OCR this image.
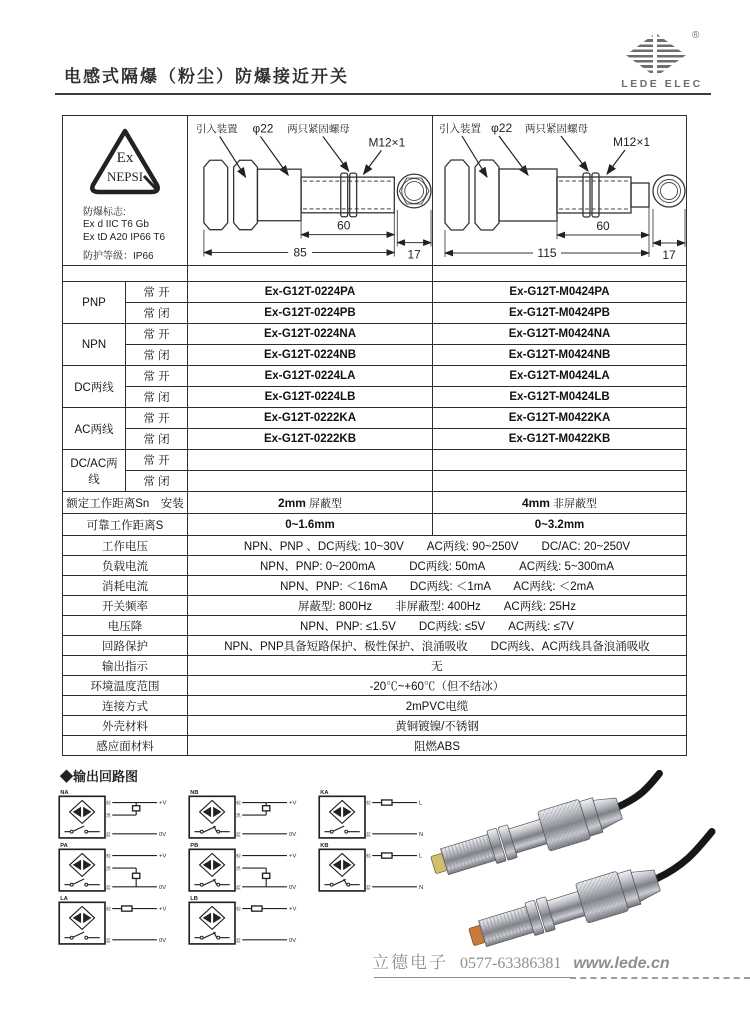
电感式隔爆（粉尘）防爆接近开关
®
LEDE ELEC
Ex
NEPSI
防爆标志:
Ex d IIC T6 Gb
Ex tD A20 IP66 T6
防护等级：IP66

引入装置 φ22 两只紧固螺母
M12×1
60
85	17

引入装置 φ22 两只紧固螺母
M12×1
60
115	17

PNP	常 开	Ex-G12T-0224PA	Ex-G12T-M0424PA
	常 闭	Ex-G12T-0224PB	Ex-G12T-M0424PB
NPN	常 开	Ex-G12T-0224NA	Ex-G12T-M0424NA
	常 闭	Ex-G12T-0224NB	Ex-G12T-M0424NB
DC两线	常 开	Ex-G12T-0224LA	Ex-G12T-M0424LA
	常 闭	Ex-G12T-0224LB	Ex-G12T-M0424LB
AC两线	常 开	Ex-G12T-0222KA	Ex-G12T-M0422KA
	常 闭	Ex-G12T-0222KB	Ex-G12T-M0422KB
DC/AC两线	常 开		
	常 闭		
额定工作距离Sn　安装		2mm 屏蔽型	4mm 非屏蔽型
可靠工作距离S		0~1.6mm	0~3.2mm
工作电压		NPN、PNP 、DC两线: 10~30V　　AC两线: 90~250V　　DC/AC: 20~250V	
负载电流		NPN、PNP: 0~200mA　　　DC两线: 50mA　　　AC两线: 5~300mA	
消耗电流		NPN、PNP: ＜16mA　　DC两线: ＜1mA　　AC两线: ＜2mA	
开关频率		屏蔽型: 800Hz　　非屏蔽型: 400Hz　　AC两线: 25Hz	
电压降		NPN、PNP: ≤1.5V　　DC两线: ≤5V　　AC两线: ≤7V	
回路保护		NPN、PNP具备短路保护、极性保护、浪涌吸收　　DC两线、AC两线具备浪涌吸收	
输出指示		无	
环境温度范围		-20℃~+60℃（但不结冰）	
连接方式		2mPVC电缆	
外壳材料		黄铜镀镍/不锈钢	
感应面材料		阻燃ABS	
◆输出回路图
NA
棕
黑
蓝
+V
0V
NB
棕
黑
蓝
+V
0V
KA
棕
蓝
L
N
PA
棕
黑
蓝
+V
0V
PB
棕
黑
蓝
+V
0V
KB
棕
蓝
L
N
LA
棕
蓝
+V
0V
LB
棕
蓝
+V
0V
立德电子 0577-63386381 www.lede.cn
